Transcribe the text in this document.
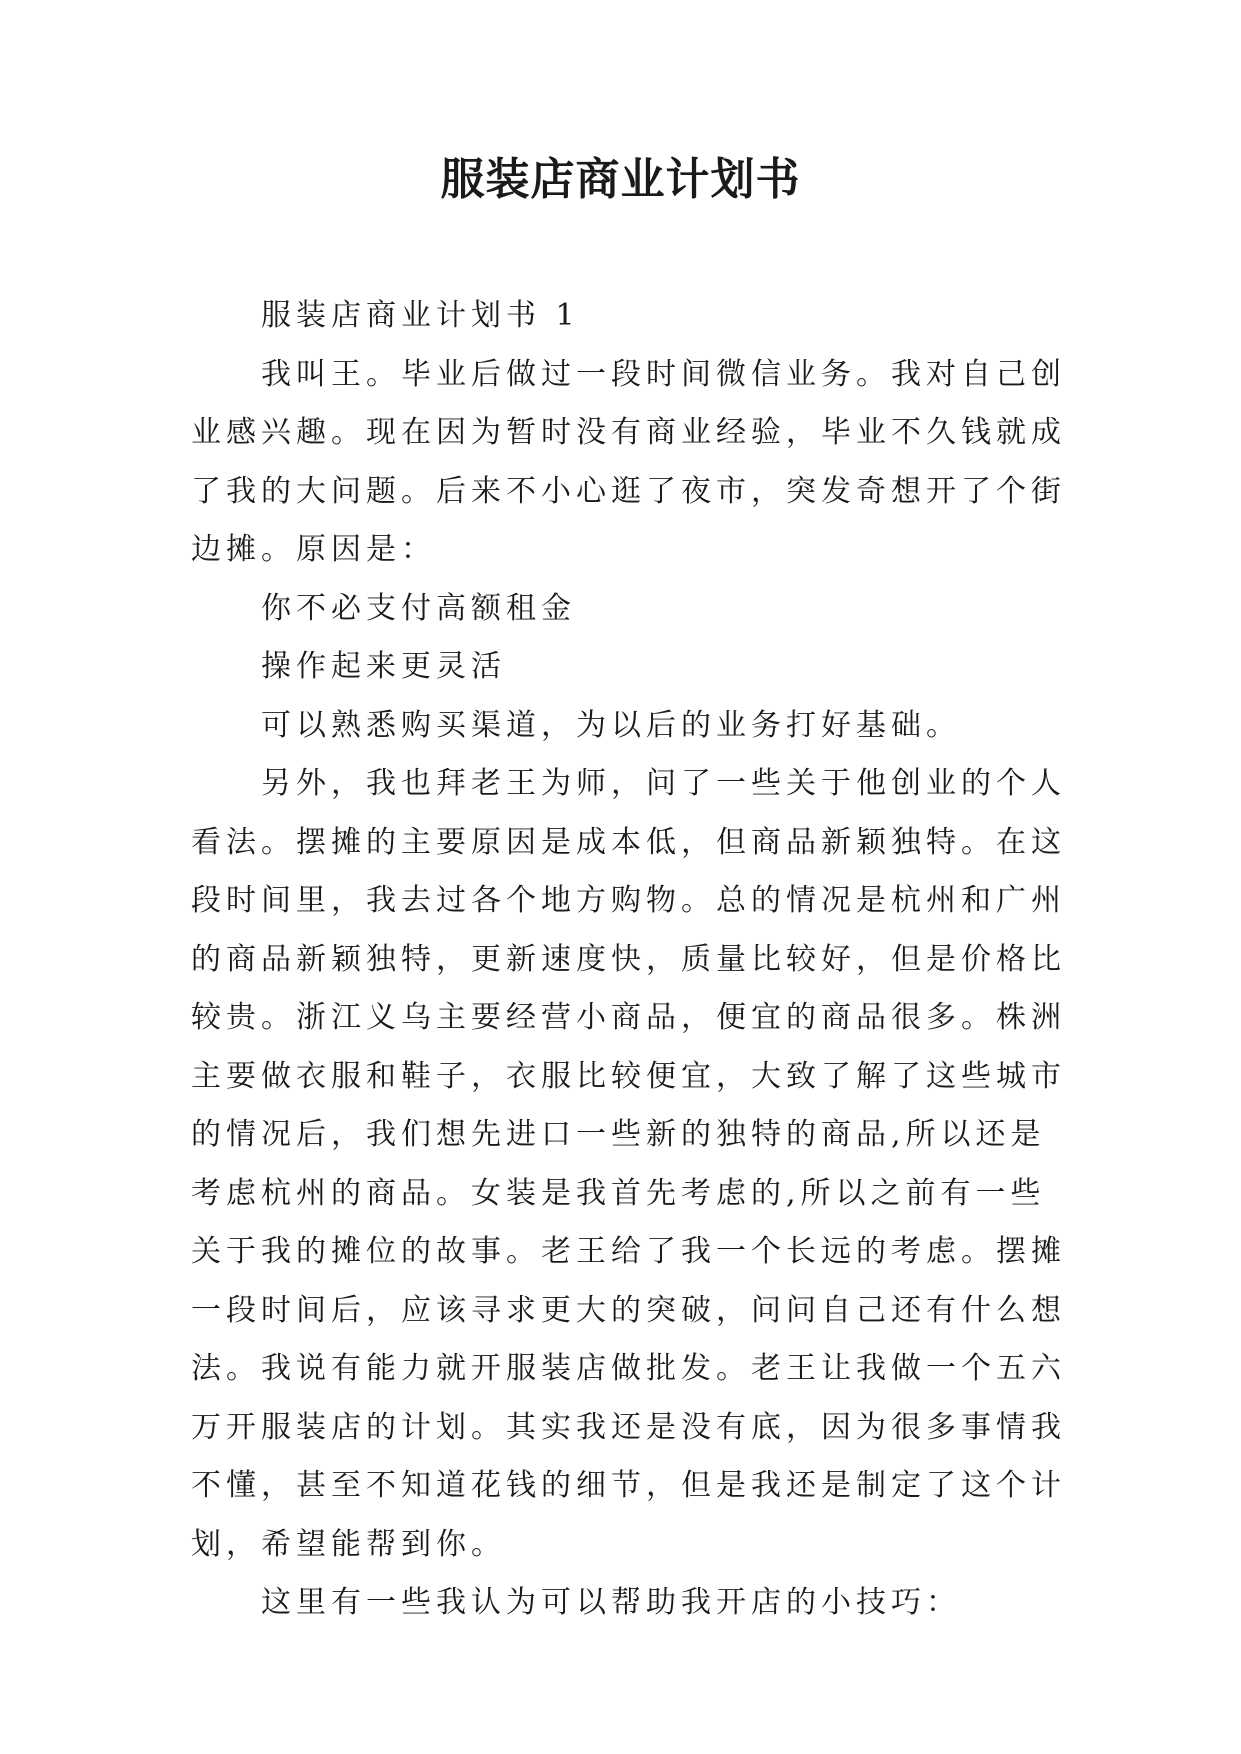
服装店商业计划书

服装店商业计划书 1

我叫王。毕业后做过一段时间微信业务。我对自己创业感兴趣。现在因为暂时没有商业经验，毕业不久钱就成了我的大问题。后来不小心逛了夜市，突发奇想开了个街边摊。原因是：

你不必支付高额租金

操作起来更灵活

可以熟悉购买渠道，为以后的业务打好基础。

另外，我也拜老王为师，问了一些关于他创业的个人看法。摆摊的主要原因是成本低，但商品新颖独特。在这段时间里，我去过各个地方购物。总的情况是杭州和广州的商品新颖独特，更新速度快，质量比较好，但是价格比较贵。浙江义乌主要经营小商品，便宜的商品很多。株洲主要做衣服和鞋子，衣服比较便宜，大致了解了这些城市的情况后，我们想先进口一些新的独特的商品,所以还是考虑杭州的商品。女装是我首先考虑的,所以之前有一些关于我的摊位的故事。老王给了我一个长远的考虑。摆摊一段时间后，应该寻求更大的突破，问问自己还有什么想法。我说有能力就开服装店做批发。老王让我做一个五六万开服装店的计划。其实我还是没有底，因为很多事情我不懂，甚至不知道花钱的细节，但是我还是制定了这个计划，希望能帮到你。

这里有一些我认为可以帮助我开店的小技巧：
